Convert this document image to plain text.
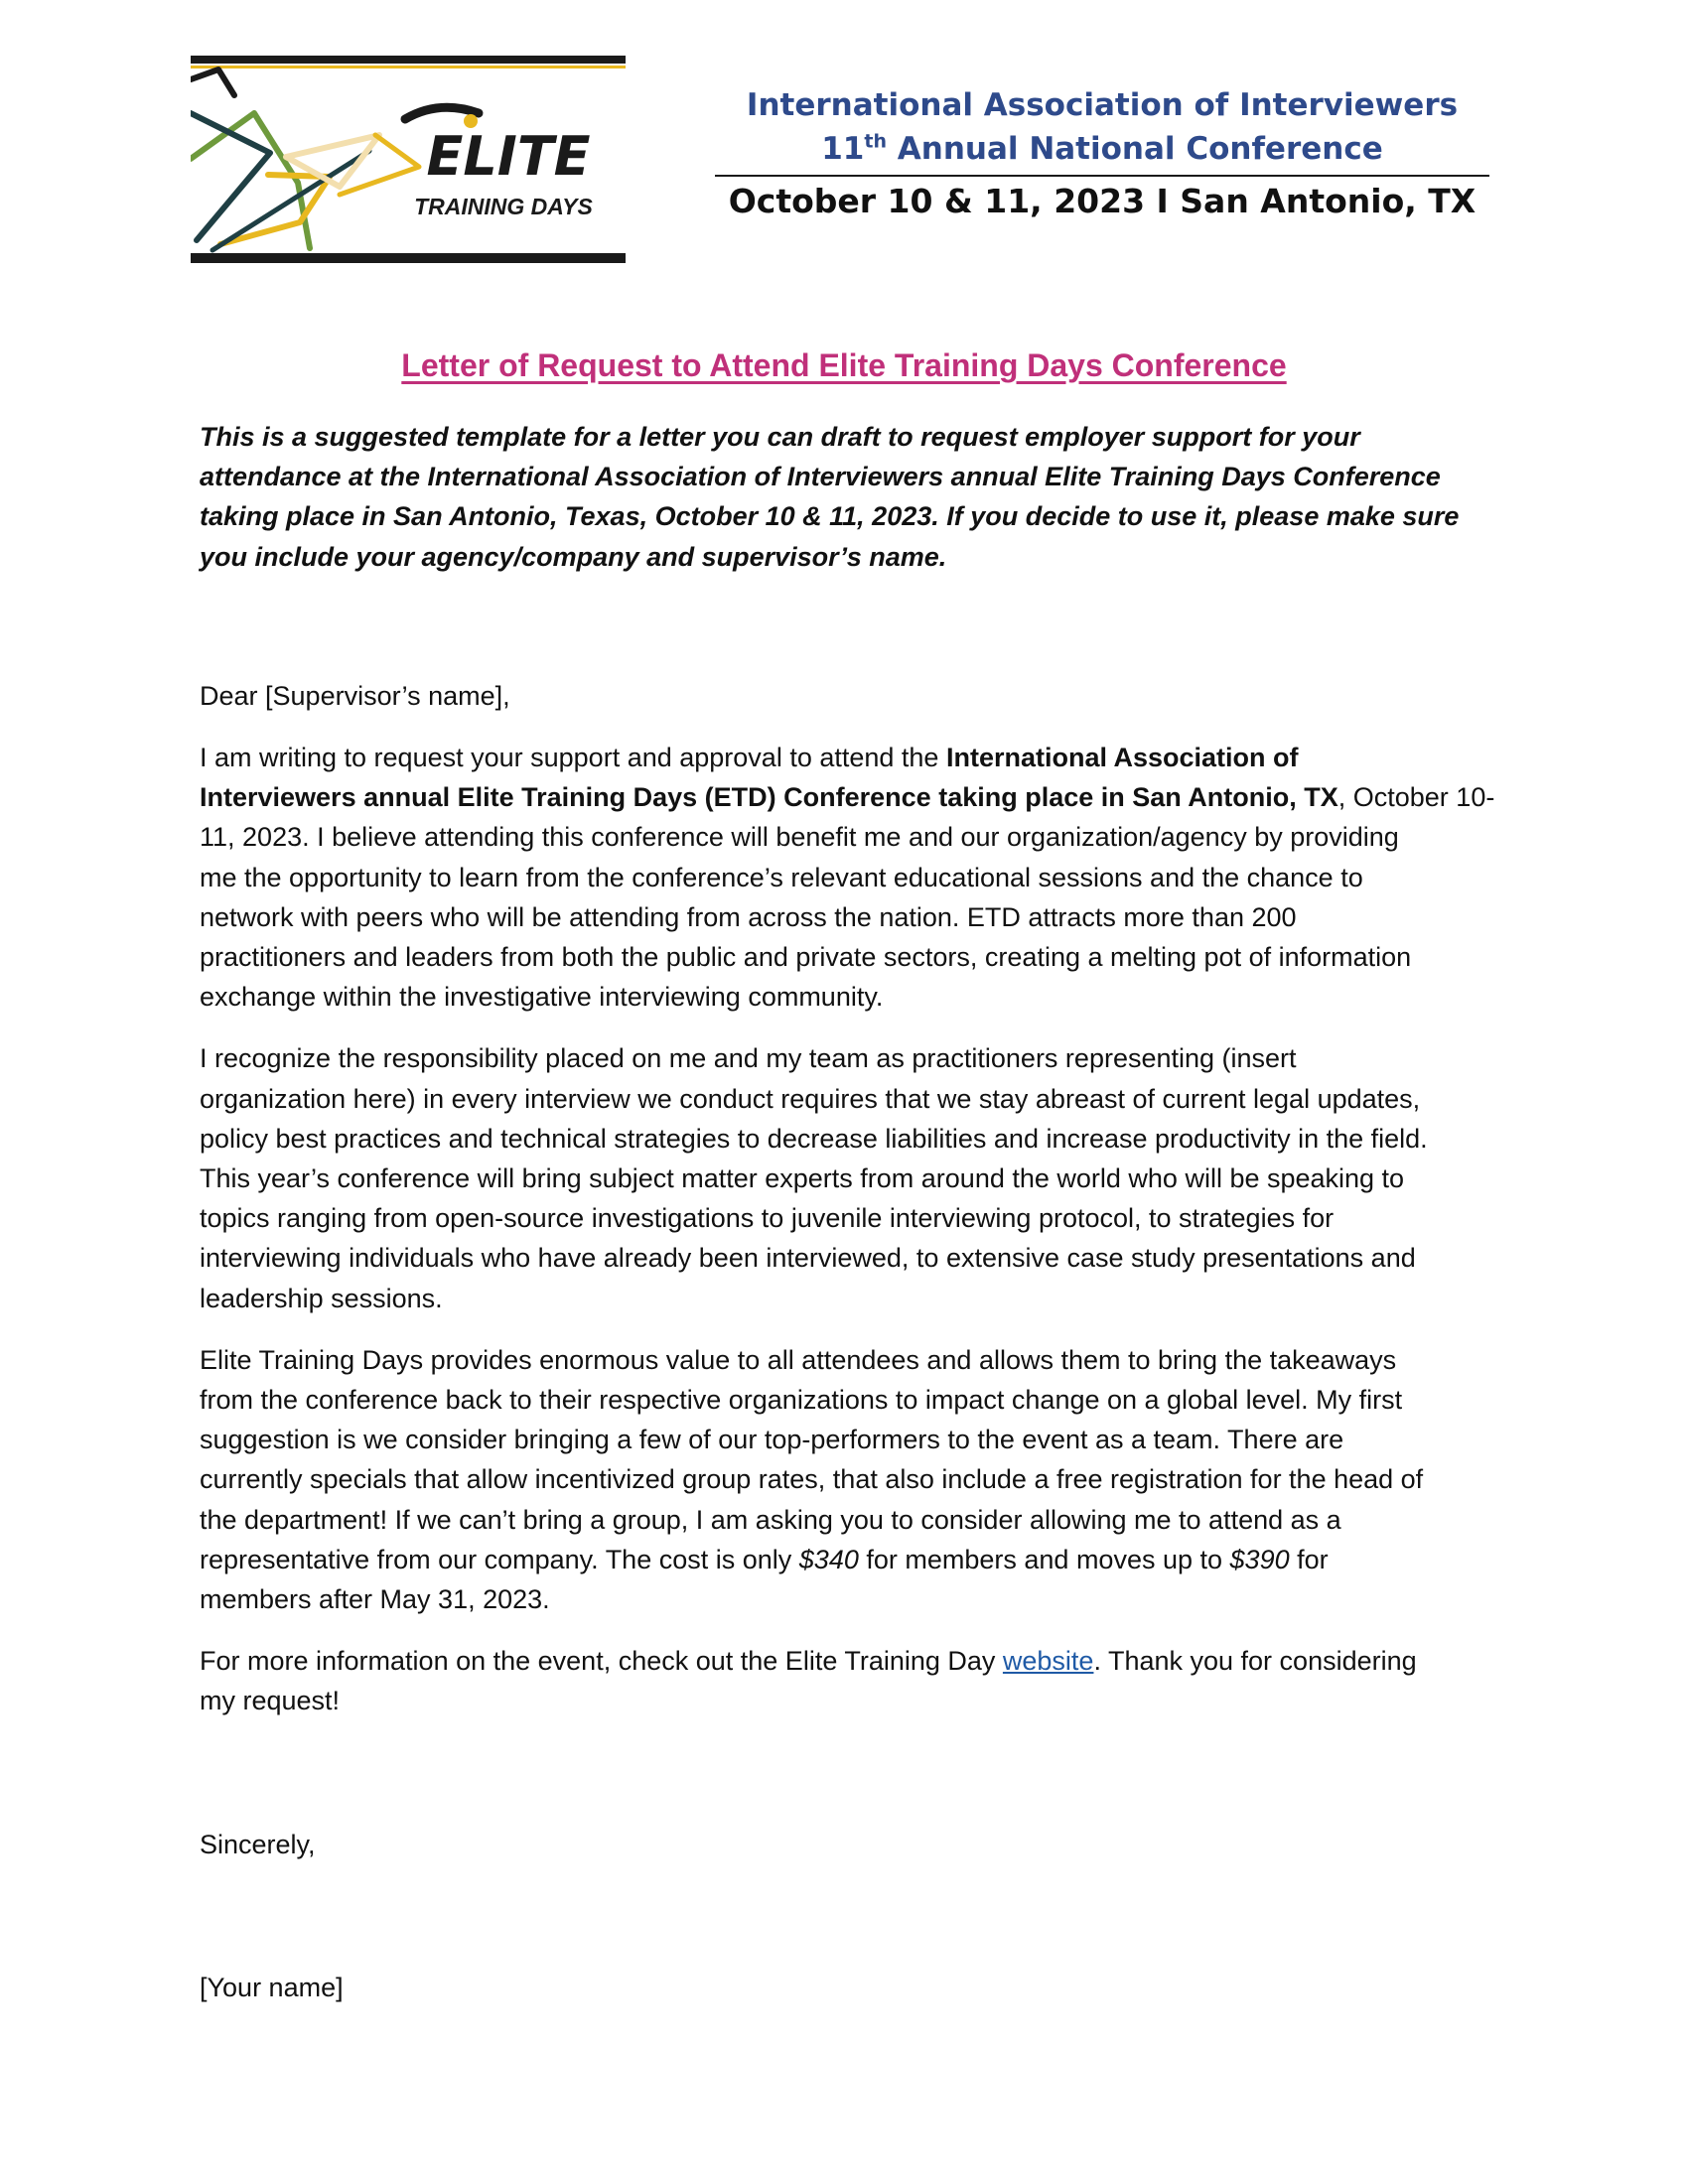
ELITE
TRAINING DAYS
International Association of Interviewers
11th Annual National Conference
October 10 & 11, 2023 I San Antonio, TX
Letter of Request to Attend Elite Training Days Conference

This is a suggested template for a letter you can draft to request employer support for your
attendance at the International Association of Interviewers annual Elite Training Days Conference
taking place in San Antonio, Texas, October 10 & 11, 2023. If you decide to use it, please make sure
you include your agency/company and supervisor’s name.

Dear [Supervisor’s name],

I am writing to request your support and approval to attend the International Association of
Interviewers annual Elite Training Days (ETD) Conference taking place in San Antonio, TX, October 10-
11, 2023. I believe attending this conference will benefit me and our organization/agency by providing
me the opportunity to learn from the conference’s relevant educational sessions and the chance to
network with peers who will be attending from across the nation. ETD attracts more than 200
practitioners and leaders from both the public and private sectors, creating a melting pot of information
exchange within the investigative interviewing community.

I recognize the responsibility placed on me and my team as practitioners representing (insert
organization here) in every interview we conduct requires that we stay abreast of current legal updates,
policy best practices and technical strategies to decrease liabilities and increase productivity in the field.
This year’s conference will bring subject matter experts from around the world who will be speaking to
topics ranging from open-source investigations to juvenile interviewing protocol, to strategies for
interviewing individuals who have already been interviewed, to extensive case study presentations and
leadership sessions.

Elite Training Days provides enormous value to all attendees and allows them to bring the takeaways
from the conference back to their respective organizations to impact change on a global level. My first
suggestion is we consider bringing a few of our top-performers to the event as a team. There are
currently specials that allow incentivized group rates, that also include a free registration for the head of
the department! If we can’t bring a group, I am asking you to consider allowing me to attend as a
representative from our company. The cost is only $340 for members and moves up to $390 for
members after May 31, 2023.

For more information on the event, check out the Elite Training Day website. Thank you for considering
my request!

Sincerely,

[Your name]
